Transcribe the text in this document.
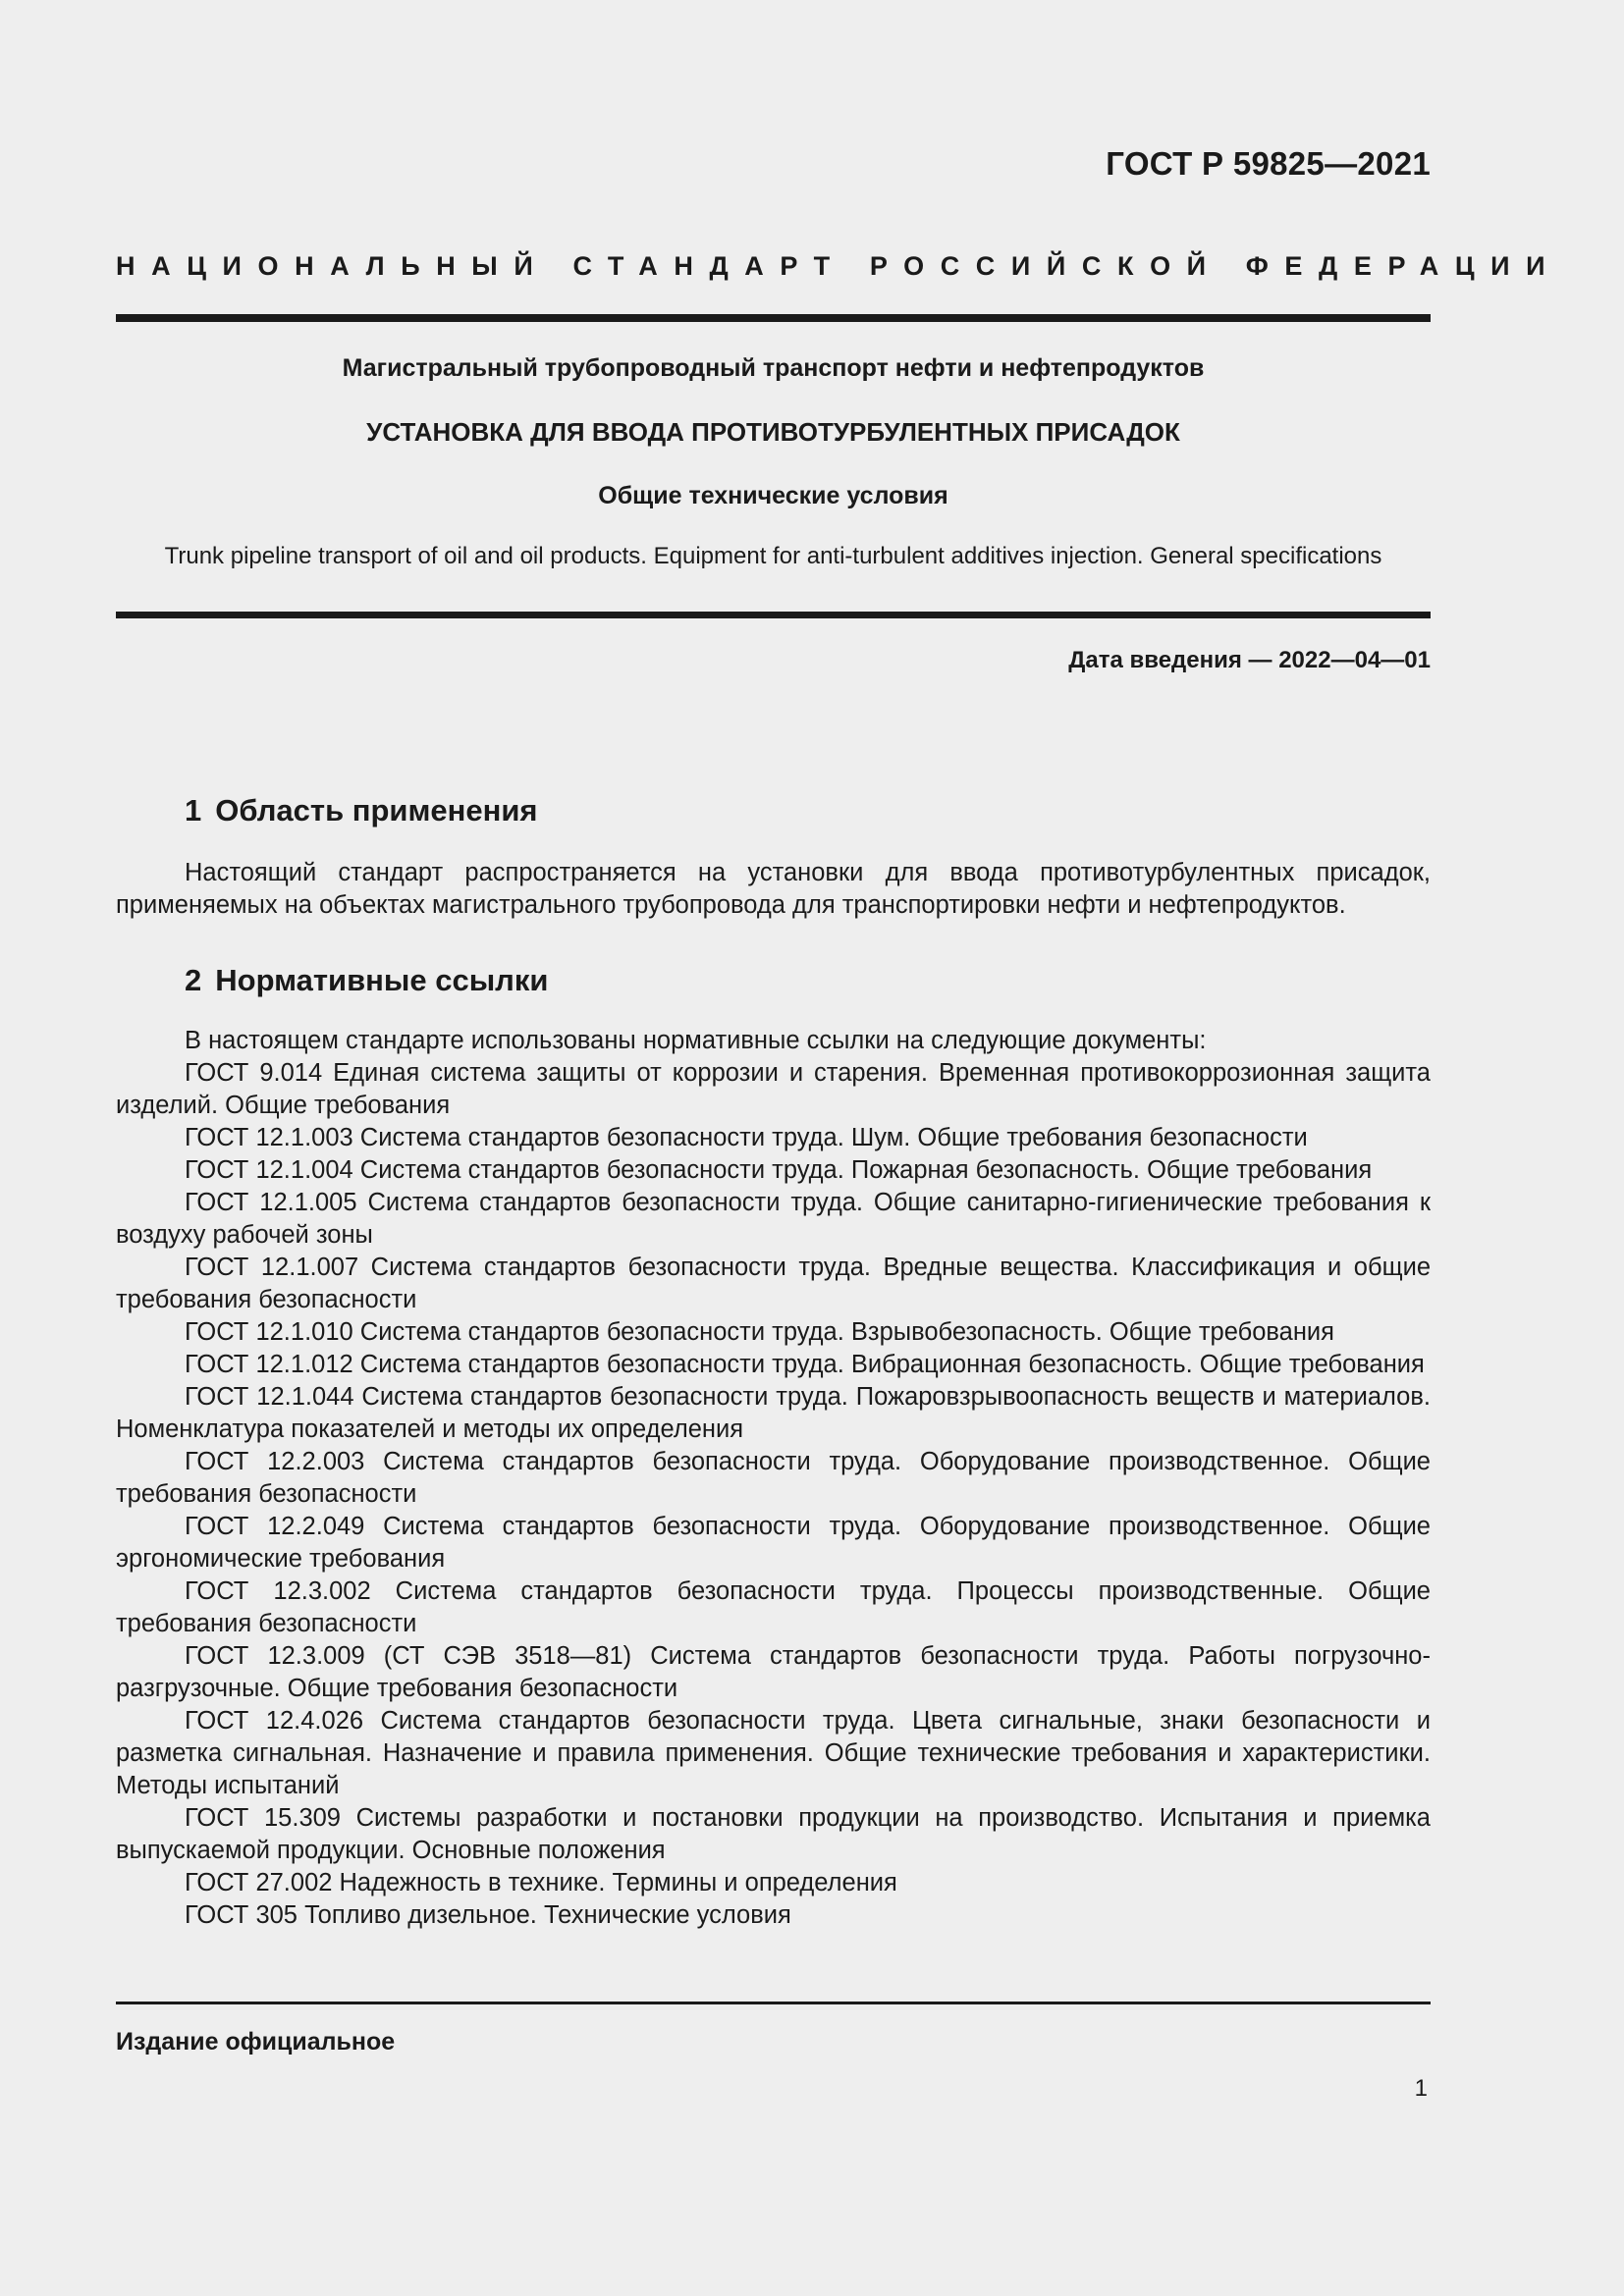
ГОСТ Р 59825—2021
НАЦИОНАЛЬНЫЙ СТАНДАРТ РОССИЙСКОЙ ФЕДЕРАЦИИ
Магистральный трубопроводный транспорт нефти и нефтепродуктов
УСТАНОВКА ДЛЯ ВВОДА ПРОТИВОТУРБУЛЕНТНЫХ ПРИСАДОК
Общие технические условия
Trunk pipeline transport of oil and oil products. Equipment for anti-turbulent additives injection. General specifications
Дата введения — 2022—04—01
1 Область применения

Настоящий стандарт распространяется на установки для ввода противотурбулентных присадок, применяемых на объектах магистрального трубопровода для транспортировки нефти и нефтепродуктов.

2 Нормативные ссылки

В настоящем стандарте использованы нормативные ссылки на следующие документы:

ГОСТ 9.014 Единая система защиты от коррозии и старения. Временная противокоррозионная защита изделий. Общие требования

ГОСТ 12.1.003 Система стандартов безопасности труда. Шум. Общие требования безопасности

ГОСТ 12.1.004 Система стандартов безопасности труда. Пожарная безопасность. Общие требования

ГОСТ 12.1.005 Система стандартов безопасности труда. Общие санитарно-гигиенические требования к воздуху рабочей зоны

ГОСТ 12.1.007 Система стандартов безопасности труда. Вредные вещества. Классификация и общие требования безопасности

ГОСТ 12.1.010 Система стандартов безопасности труда. Взрывобезопасность. Общие требования

ГОСТ 12.1.012 Система стандартов безопасности труда. Вибрационная безопасность. Общие требования

ГОСТ 12.1.044 Система стандартов безопасности труда. Пожаровзрывоопасность веществ и материалов. Номенклатура показателей и методы их определения

ГОСТ 12.2.003 Система стандартов безопасности труда. Оборудование производственное. Общие требования безопасности

ГОСТ 12.2.049 Система стандартов безопасности труда. Оборудование производственное. Общие эргономические требования

ГОСТ 12.3.002 Система стандартов безопасности труда. Процессы производственные. Общие требования безопасности

ГОСТ 12.3.009 (СТ СЭВ 3518—81) Система стандартов безопасности труда. Работы погрузочно-разгрузочные. Общие требования безопасности

ГОСТ 12.4.026 Система стандартов безопасности труда. Цвета сигнальные, знаки безопасности и разметка сигнальная. Назначение и правила применения. Общие технические требования и характеристики. Методы испытаний

ГОСТ 15.309 Системы разработки и постановки продукции на производство. Испытания и приемка выпускаемой продукции. Основные положения

ГОСТ 27.002 Надежность в технике. Термины и определения

ГОСТ 305 Топливо дизельное. Технические условия

Издание официальное
1
